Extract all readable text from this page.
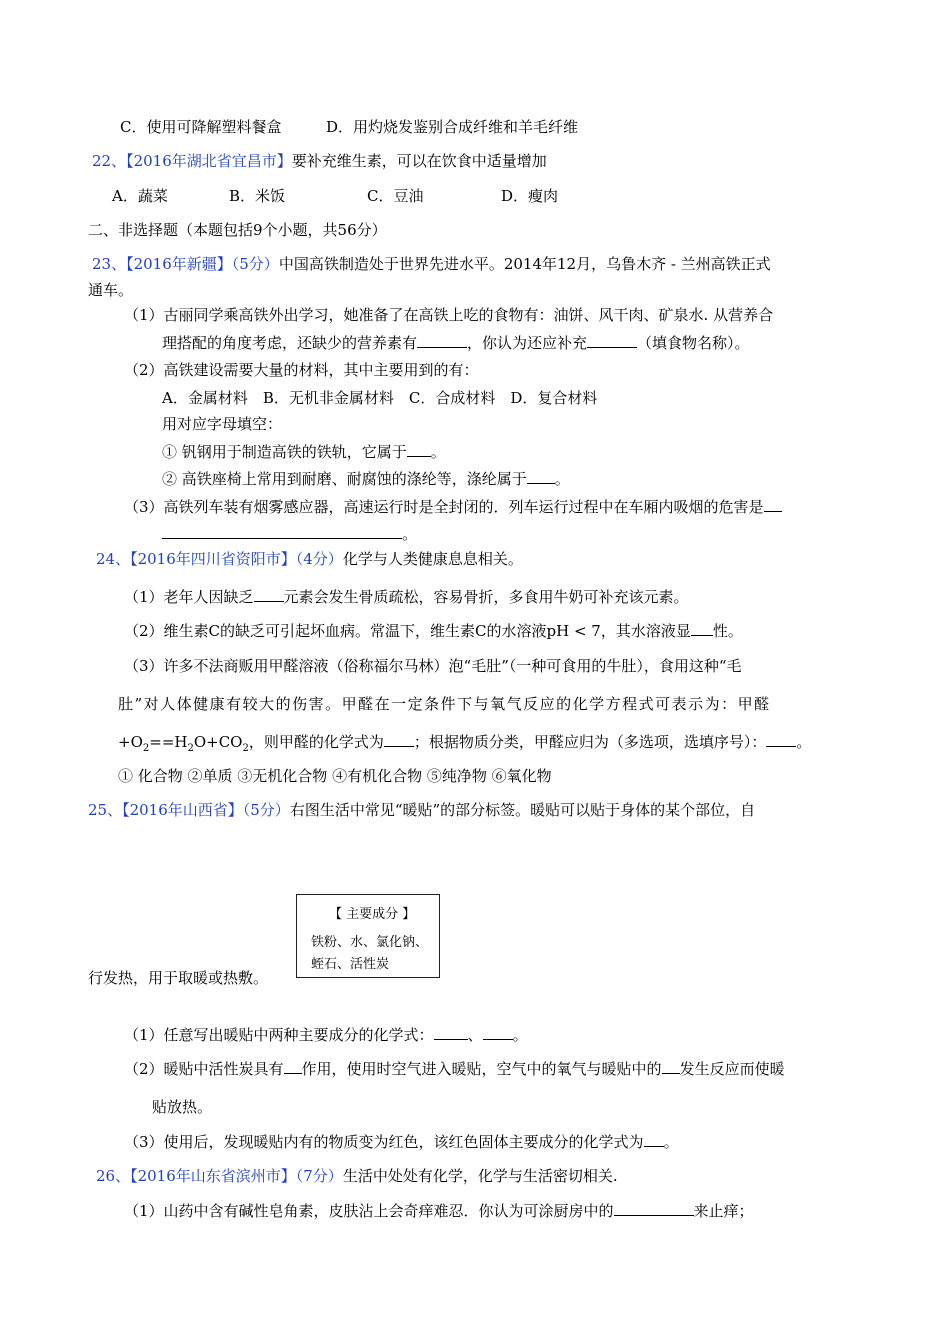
C．使用可降解塑料餐盒	D．用灼烧发鉴别合成纤维和羊毛纤维
22、【2016年湖北省宜昌市】要补充维生素，可以在饮食中适量增加
A．蔬菜	B．米饭	C．豆油	D．瘦肉
二、非选择题（本题包括9个小题，共56分）
23、【2016年新疆】（5分）中国高铁制造处于世界先进水平。2014年12月，乌鲁木齐 - 兰州高铁正式
通车。
（1）古丽同学乘高铁外出学习，她准备了在高铁上吃的食物有：油饼、风干肉、矿泉水. 从营养合
理搭配的角度考虑，还缺少的营养素有	，你认为还应补充	（填食物名称）。
（2）高铁建设需要大量的材料，其中主要用到的有：
A．金属材料　B．无机非金属材料　C．合成材料　D．复合材料
用对应字母填空：
① 钒钢用于制造高铁的铁轨，它属于 。
② 高铁座椅上常用到耐磨、耐腐蚀的涤纶等，涤纶属于 。
（3）高铁列车装有烟雾感应器，高速运行时是全封闭的．列车运行过程中在车厢内吸烟的危害是
。
24、【2016年四川省资阳市】（4分）化学与人类健康息息相关。
（1）老年人因缺乏 元素会发生骨质疏松，容易骨折，多食用牛奶可补充该元素。
（2）维生素C的缺乏可引起坏血病。常温下，维生素C的水溶液pH < 7，其水溶液显 性。
（3）许多不法商贩用甲醛溶液（俗称福尔马林）泡“毛肚”（一种可食用的牛肚），食用这种“毛
肚”对人体健康有较大的伤害。甲醛在一定条件下与氧气反应的化学方程式可表示为：甲醛
$+O_2==H_2O+CO_2$，则甲醛的化学式为 ；根据物质分类，甲醛应归为（多选项，选填序号）： 。
① 化合物 ②单质 ③无机化合物 ④有机化合物 ⑤纯净物 ⑥氧化物
25、【2016年山西省】（5分）右图生活中常见“暖贴”的部分标签。暖贴可以贴于身体的某个部位，自
【 主要成分 】
铁粉、水、氯化钠、
蛭石、活性炭
行发热，用于取暖或热敷。
（1）任意写出暖贴中两种主要成分的化学式： 、 。
（2）暖贴中活性炭具有 作用，使用时空气进入暖贴，空气中的氧气与暖贴中的 发生反应而使暖
贴放热。
（3）使用后，发现暖贴内有的物质变为红色，该红色固体主要成分的化学式为 。
26、【2016年山东省滨州市】（7分）生活中处处有化学，化学与生活密切相关.
（1）山药中含有碱性皂角素，皮肤沾上会奇痒难忍．你认为可涂厨房中的	来止痒；
